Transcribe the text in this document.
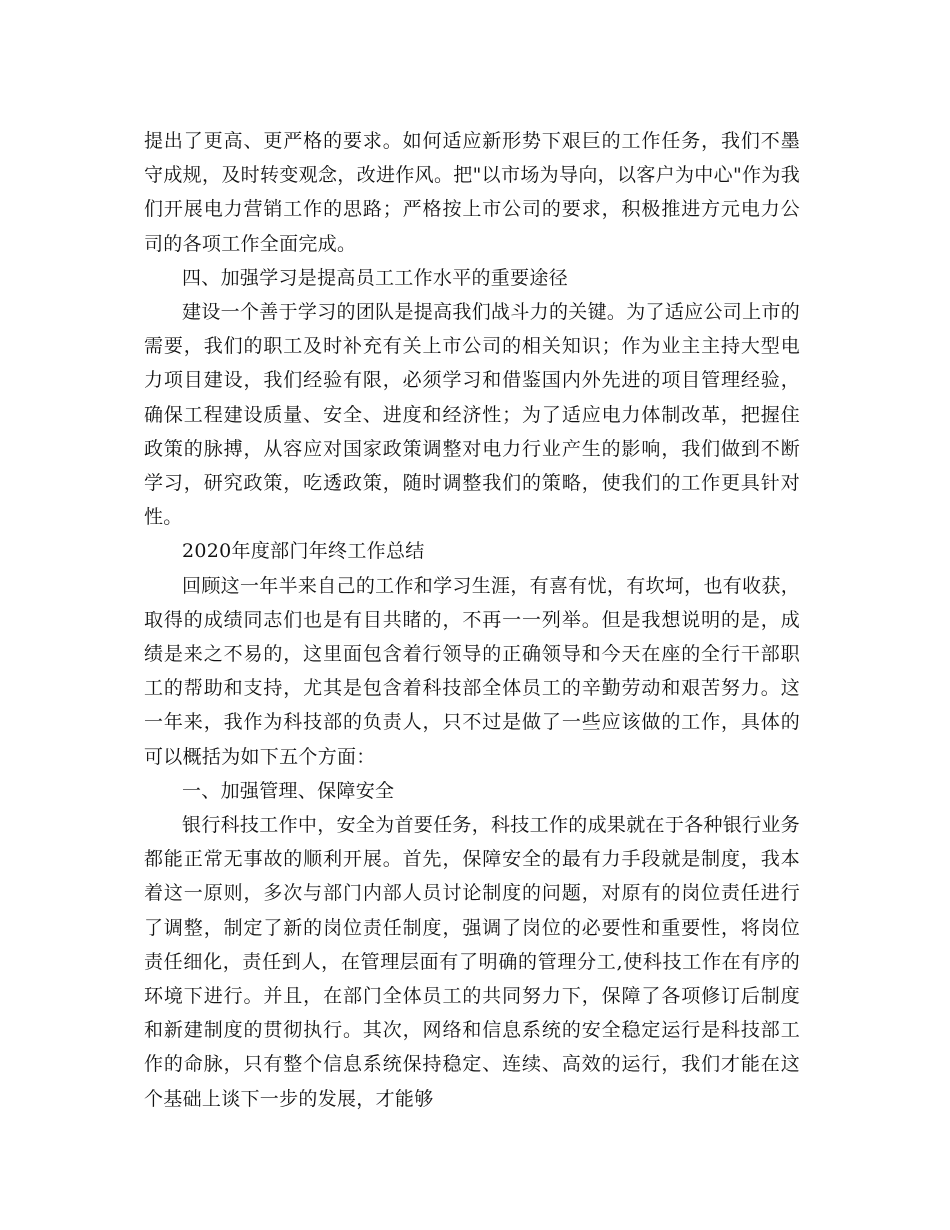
提出了更高、更严格的要求。如何适应新形势下艰巨的工作任务，我们不墨守成规，及时转变观念，改进作风。把"以市场为导向，以客户为中心"作为我们开展电力营销工作的思路；严格按上市公司的要求，积极推进方元电力公司的各项工作全面完成。

四、加强学习是提高员工工作水平的重要途径

建设一个善于学习的团队是提高我们战斗力的关键。为了适应公司上市的需要，我们的职工及时补充有关上市公司的相关知识；作为业主主持大型电力项目建设，我们经验有限，必须学习和借鉴国内外先进的项目管理经验，确保工程建设质量、安全、进度和经济性；为了适应电力体制改革，把握住政策的脉搏，从容应对国家政策调整对电力行业产生的影响，我们做到不断学习，研究政策，吃透政策，随时调整我们的策略，使我们的工作更具针对性。

2020年度部门年终工作总结

回顾这一年半来自己的工作和学习生涯，有喜有忧，有坎坷，也有收获，取得的成绩同志们也是有目共睹的，不再一一列举。但是我想说明的是，成绩是来之不易的，这里面包含着行领导的正确领导和今天在座的全行干部职工的帮助和支持，尤其是包含着科技部全体员工的辛勤劳动和艰苦努力。这一年来，我作为科技部的负责人，只不过是做了一些应该做的工作，具体的可以概括为如下五个方面：

一、加强管理、保障安全

银行科技工作中，安全为首要任务，科技工作的成果就在于各种银行业务都能正常无事故的顺利开展。首先，保障安全的最有力手段就是制度，我本着这一原则，多次与部门内部人员讨论制度的问题，对原有的岗位责任进行了调整，制定了新的岗位责任制度，强调了岗位的必要性和重要性，将岗位责任细化，责任到人，在管理层面有了明确的管理分工,使科技工作在有序的环境下进行。并且，在部门全体员工的共同努力下，保障了各项修订后制度和新建制度的贯彻执行。其次，网络和信息系统的安全稳定运行是科技部工作的命脉，只有整个信息系统保持稳定、连续、高效的运行，我们才能在这个基础上谈下一步的发展，才能够
